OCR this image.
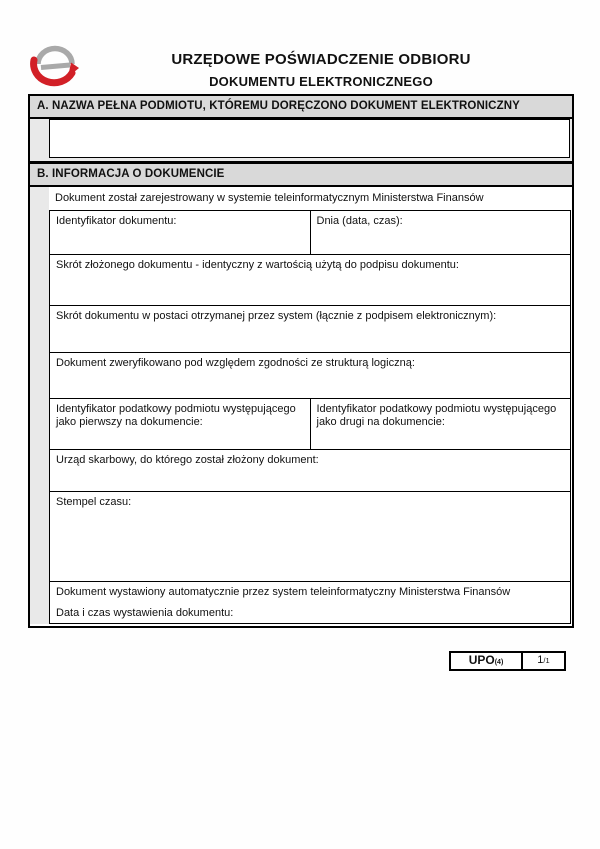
URZĘDOWE POŚWIADCZENIE ODBIORU
DOKUMENTU ELEKTRONICZNEGO
A. NAZWA PEŁNA PODMIOTU, KTÓREMU DORĘCZONO DOKUMENT ELEKTRONICZNY
B. INFORMACJA O DOKUMENCIE
Dokument został zarejestrowany w systemie teleinformatycznym Ministerstwa Finansów
Identyfikator dokumentu:	Dnia (data, czas):
Skrót złożonego dokumentu - identyczny z wartością użytą do podpisu dokumentu:
Skrót dokumentu w postaci otrzymanej przez system (łącznie z podpisem elektronicznym):
Dokument zweryfikowano pod względem zgodności ze strukturą logiczną:
Identyfikator podatkowy podmiotu występującego jako pierwszy na dokumencie:
Identyfikator podatkowy podmiotu występującego jako drugi na dokumencie:
Urząd skarbowy, do którego został złożony dokument:
Stempel czasu:
Dokument wystawiony automatycznie przez system teleinformatyczny Ministerstwa Finansów
Data i czas wystawienia dokumentu:
UPO(4)	1/1
